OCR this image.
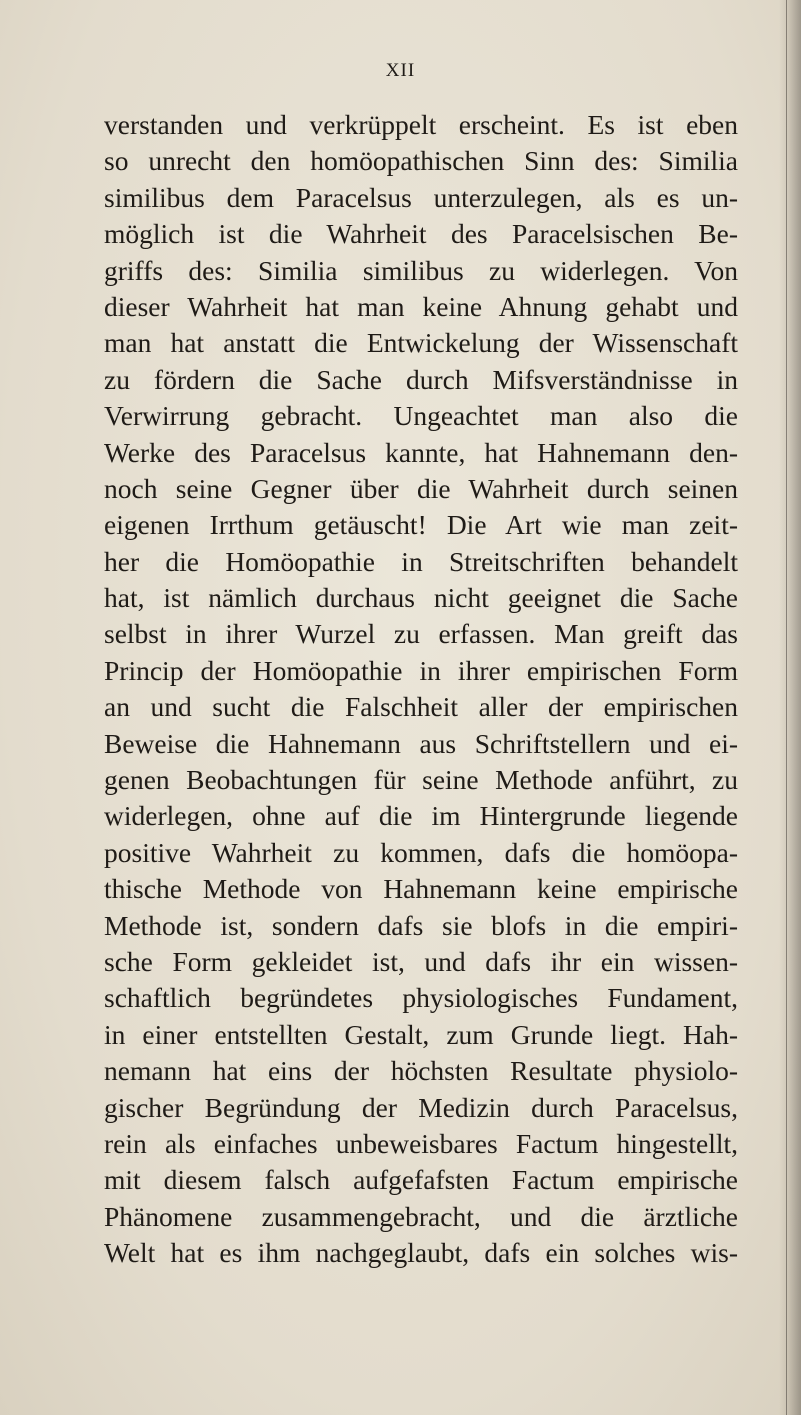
XII
verstanden und verkrüppelt erscheint. Es ist eben
so unrecht den homöopathischen Sinn des: Similia
similibus dem Paracelsus unterzulegen, als es un-
möglich ist die Wahrheit des Paracelsischen Be-
griffs des: Similia similibus zu widerlegen. Von
dieser Wahrheit hat man keine Ahnung gehabt und
man hat anstatt die Entwickelung der Wissenschaft
zu fördern die Sache durch Mifsverständnisse in
Verwirrung gebracht. Ungeachtet man also die
Werke des Paracelsus kannte, hat Hahnemann den-
noch seine Gegner über die Wahrheit durch seinen
eigenen Irrthum getäuscht! Die Art wie man zeit-
her die Homöopathie in Streitschriften behandelt
hat, ist nämlich durchaus nicht geeignet die Sache
selbst in ihrer Wurzel zu erfassen. Man greift das
Princip der Homöopathie in ihrer empirischen Form
an und sucht die Falschheit aller der empirischen
Beweise die Hahnemann aus Schriftstellern und ei-
genen Beobachtungen für seine Methode anführt, zu
widerlegen, ohne auf die im Hintergrunde liegende
positive Wahrheit zu kommen, dafs die homöopa-
thische Methode von Hahnemann keine empirische
Methode ist, sondern dafs sie blofs in die empiri-
sche Form gekleidet ist, und dafs ihr ein wissen-
schaftlich begründetes physiologisches Fundament,
in einer entstellten Gestalt, zum Grunde liegt. Hah-
nemann hat eins der höchsten Resultate physiolo-
gischer Begründung der Medizin durch Paracelsus,
rein als einfaches unbeweisbares Factum hingestellt,
mit diesem falsch aufgefafsten Factum empirische
Phänomene zusammengebracht, und die ärztliche
Welt hat es ihm nachgeglaubt, dafs ein solches wis-
